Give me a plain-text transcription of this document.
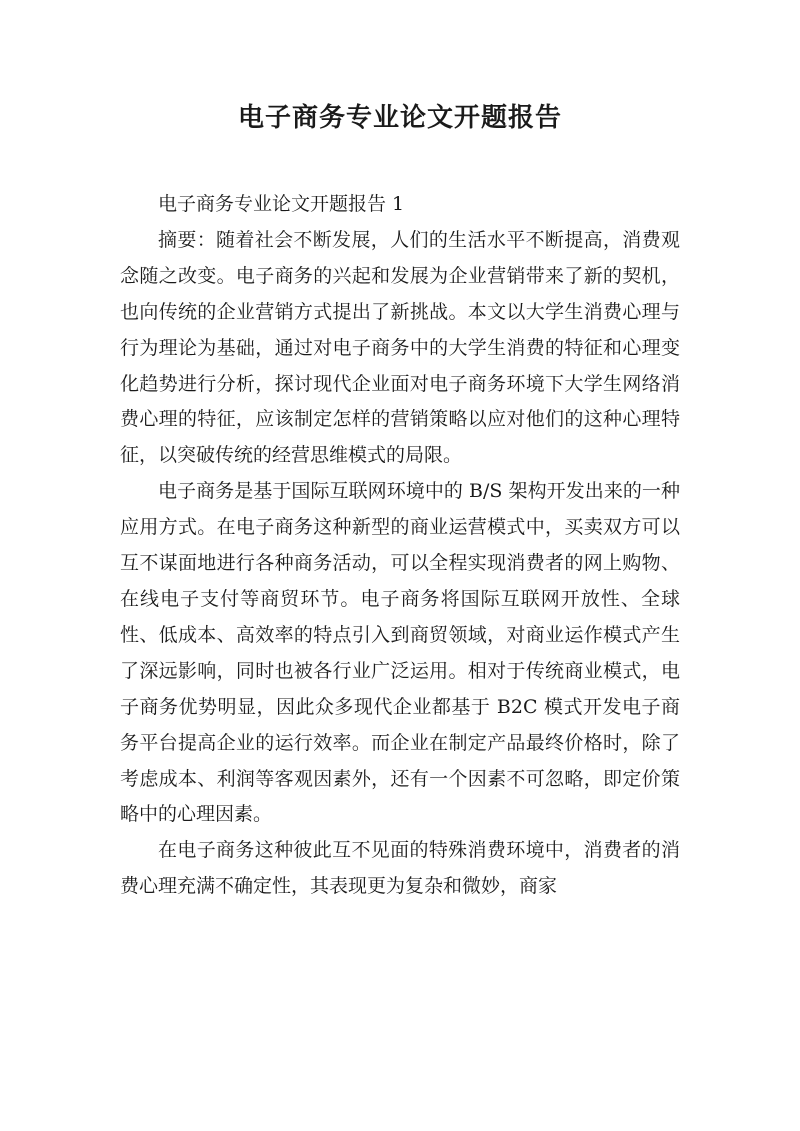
电子商务专业论文开题报告

电子商务专业论文开题报告 1

摘要：随着社会不断发展，人们的生活水平不断提高，消费观念随之改变。电子商务的兴起和发展为企业营销带来了新的契机，也向传统的企业营销方式提出了新挑战。本文以大学生消费心理与行为理论为基础，通过对电子商务中的大学生消费的特征和心理变化趋势进行分析，探讨现代企业面对电子商务环境下大学生网络消费心理的特征，应该制定怎样的营销策略以应对他们的这种心理特征，以突破传统的经营思维模式的局限。

电子商务是基于国际互联网环境中的 B/S 架构开发出来的一种应用方式。在电子商务这种新型的商业运营模式中，买卖双方可以互不谋面地进行各种商务活动，可以全程实现消费者的网上购物、在线电子支付等商贸环节。电子商务将国际互联网开放性、全球性、低成本、高效率的特点引入到商贸领域，对商业运作模式产生了深远影响，同时也被各行业广泛运用。相对于传统商业模式，电子商务优势明显，因此众多现代企业都基于 B2C 模式开发电子商务平台提高企业的运行效率。而企业在制定产品最终价格时，除了考虑成本、利润等客观因素外，还有一个因素不可忽略，即定价策略中的心理因素。

在电子商务这种彼此互不见面的特殊消费环境中，消费者的消费心理充满不确定性，其表现更为复杂和微妙，商家
